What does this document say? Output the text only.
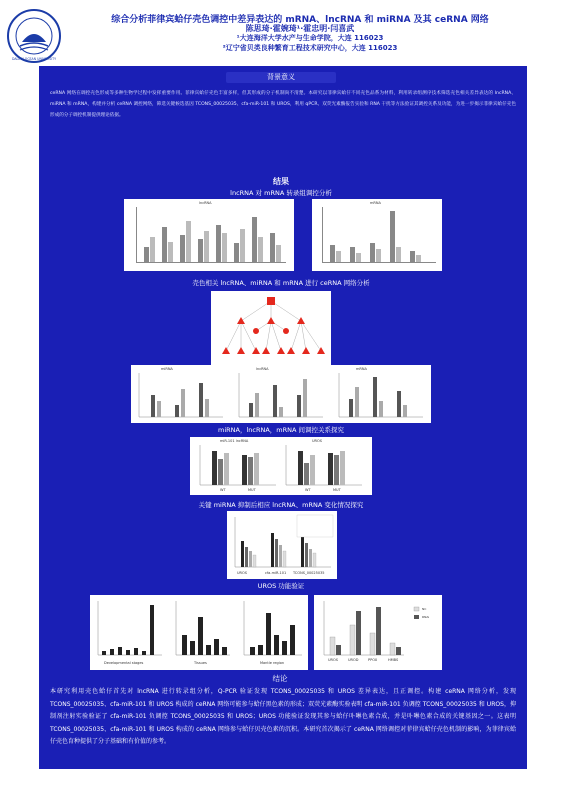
DALIAN OCEAN UNIVERSITY
综合分析菲律宾蛤仔壳色调控中差异表达的 mRNA、lncRNA 和 miRNA 及其 ceRNA 网络
陈思琦·霍婉琦¹·霍忠明·闫喜武
¹大连海洋大学水产与生命学院，大连 116023
²辽宁省贝类良种繁育工程技术研究中心，大连 116023
背景意义
ceRNA 网络在调控壳色形成等多种生物学过程中发挥重要作用。菲律宾蛤仔壳色丰富多样，但其形成的分子机制尚不清楚。本研究以菲律宾蛤仔不同壳色品系为材料，利用转录组测序技术筛选壳色相关差异表达的 lncRNA、miRNA 和 mRNA，构建并分析 ceRNA 调控网络，筛选关键候选基因 TCONS_00025035、cfa-miR-101 和 UROS，利用 qPCR、双荧光素酶报告实验和 RNA 干扰等方法验证其调控关系及功能，为进一步揭示菲律宾蛤仔壳色形成的分子调控机制提供理论依据。
结果
lncRNA 对 mRNA 转录组调控分析
lncRNA	mRNA
壳色相关 lncRNA、miRNA 和 mRNA 进行 ceRNA 网络分析
miRNA	lncRNA	mRNA
miRNA，lncRNA，mRNA 间调控关系探究
miR-101 lncRNA	UROS
WT	MUT	WT	MUT
关键 miRNA 抑制后相应 lncRNA、mRNA 变化情况探究
UROS	cfa-miR-101 TCONS_00025035
UROS 功能验证
Developmental stages	Tissues	Mantle region
NC
RNAi
UROS	UROD	PPOX	HMBS
结论
本研究利用壳色蛤仔首先对 lncRNA 进行转录组分析，Q-PCR 验证发现 TCONS_00025035 和 UROS 差异表达，且正调控。构建 ceRNA 网络分析，发现 TCONS_00025035、cfa-miR-101 和 UROS 构成的 ceRNA 网络可能参与蛤仔黑色素的形成；双荧光素酶实验表明 cfa-miR-101 负调控 TCONS_00025035 和 UROS，抑制剂注射实验验证了 cfa-miR-101 负调控 TCONS_00025035 和 UROS；UROS 功能验证发现其参与蛤仔卟啉色素合成，并是卟啉色素合成的关键基因之一。这表明 TCONS_00025035、cfa-miR-101 和 UROS 构成的 ceRNA 网络参与蛤仔贝壳色素的沉积。本研究首次揭示了 ceRNA 网络调控对菲律宾蛤仔壳色机制的影响，为菲律宾蛤仔壳色育种提供了分子基础和有价值的参考。
